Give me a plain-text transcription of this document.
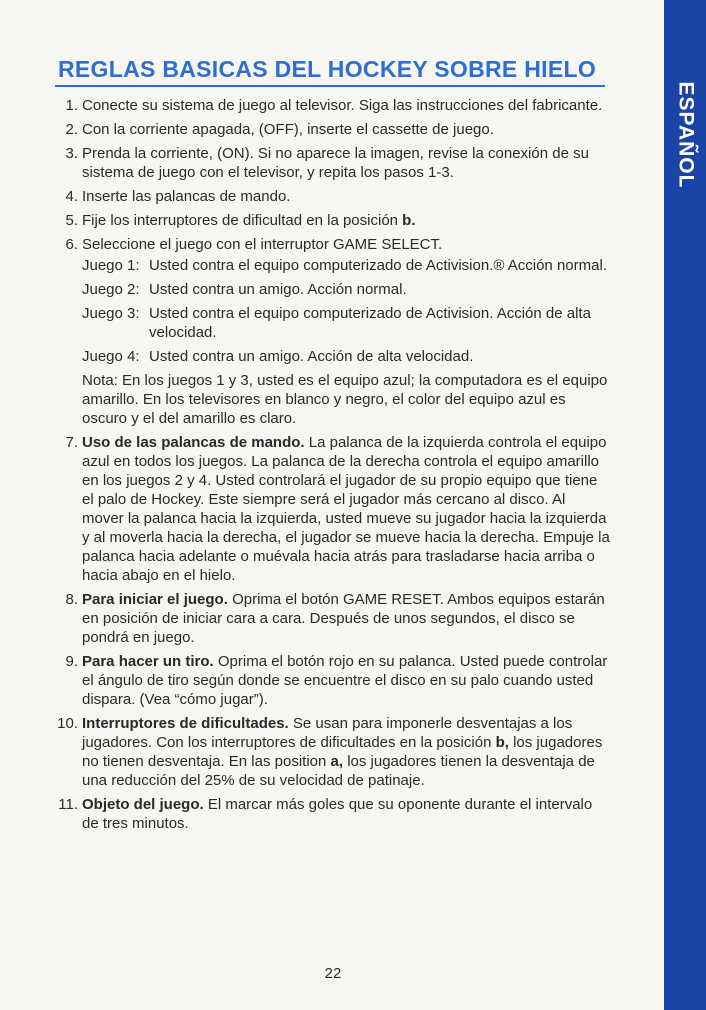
ESPAÑOL
REGLAS BASICAS DEL HOCKEY SOBRE HIELO
1. Conecte su sistema de juego al televisor. Siga las instrucciones del fabricante.
2. Con la corriente apagada, (OFF), inserte el cassette de juego.
3. Prenda la corriente, (ON). Si no aparece la imagen, revise la conexión de su sistema de juego con el televisor, y repita los pasos 1-3.
4. Inserte las palancas de mando.
5. Fije los interruptores de dificultad en la posición b.
6. Seleccione el juego con el interruptor GAME SELECT.
Juego 1: Usted contra el equipo computerizado de Activision.® Acción normal.
Juego 2: Usted contra un amigo. Acción normal.
Juego 3: Usted contra el equipo computerizado de Activision. Acción de alta velocidad.
Juego 4: Usted contra un amigo. Acción de alta velocidad.
Nota: En los juegos 1 y 3, usted es el equipo azul; la computadora es el equipo amarillo. En los televisores en blanco y negro, el color del equipo azul es oscuro y el del amarillo es claro.
7. Uso de las palancas de mando. La palanca de la izquierda controla el equipo azul en todos los juegos. La palanca de la derecha controla el equipo amarillo en los juegos 2 y 4. Usted controlará el jugador de su propio equipo que tiene el palo de Hockey. Este siempre será el jugador más cercano al disco. Al mover la palanca hacia la izquierda, usted mueve su jugador hacia la izquierda y al moverla hacia la derecha, el jugador se mueve hacia la derecha. Empuje la palanca hacia adelante o muévala hacia atrás para trasladarse hacia arriba o hacia abajo en el hielo.
8. Para iniciar el juego. Oprima el botón GAME RESET. Ambos equipos estarán en posición de iniciar cara a cara. Después de unos segundos, el disco se pondrá en juego.
9. Para hacer un tiro. Oprima el botón rojo en su palanca. Usted puede controlar el ángulo de tiro según donde se encuentre el disco en su palo cuando usted dispara. (Vea “cómo jugar”).
10. Interruptores de dificultades. Se usan para imponerle desventajas a los jugadores. Con los interruptores de dificultades en la posición b, los jugadores no tienen desventaja. En las position a, los jugadores tienen la desventaja de una reducción del 25% de su velocidad de patinaje.
11. Objeto del juego. El marcar más goles que su oponente durante el intervalo de tres minutos.
22
